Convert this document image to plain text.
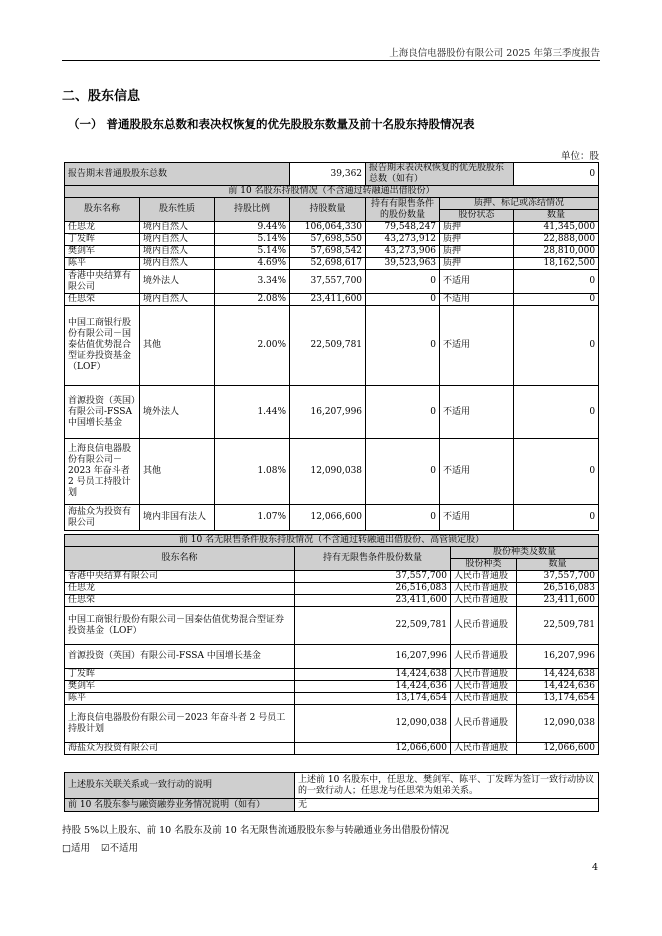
上海良信电器股份有限公司 2025 年第三季度报告
二、股东信息
（一） 普通股股东总数和表决权恢复的优先股股东数量及前十名股东持股情况表
单位：股
报告期末普通股股东总数			39,362	报告期末表决权恢复的优先股股东总数（如有）		0
前 10 名股东持股情况（不含通过转融通出借股份）						
股东名称	股东性质	持股比例	持股数量	持有有限售条件的股份数量	质押、标记或冻结情况	
					股份状态	数量
任思龙	境内自然人	9.44%	106,064,330	79,548,247	质押	41,345,000
丁发晖	境内自然人	5.14%	57,698,550	43,273,912	质押	22,888,000
樊剑军	境内自然人	5.14%	57,698,542	43,273,906	质押	28,810,000
陈平	境内自然人	4.69%	52,698,617	39,523,963	质押	18,162,500
香港中央结算有限公司	境外法人	3.34%	37,557,700	0	不适用	0
任思荣	境内自然人	2.08%	23,411,600	0	不适用	0
中国工商银行股份有限公司－国泰估值优势混合型证券投资基金（LOF）	其他	2.00%	22,509,781	0	不适用	0
首源投资（英国）有限公司-FSSA 中国增长基金	境外法人	1.44%	16,207,996	0	不适用	0
上海良信电器股份有限公司－2023 年奋斗者 2 号员工持股计划	其他	1.08%	12,090,038	0	不适用	0
海盐众为投资有限公司	境内非国有法人	1.07%	12,066,600	0	不适用	0
前 10 名无限售条件股东持股情况（不含通过转融通出借股份、高管锁定股）			
股东名称	持有无限售条件股份数量	股份种类及数量	
		股份种类	数量
香港中央结算有限公司	37,557,700	人民币普通股	37,557,700
任思龙	26,516,083	人民币普通股	26,516,083
任思荣	23,411,600	人民币普通股	23,411,600
中国工商银行股份有限公司－国泰估值优势混合型证券投资基金（LOF）	22,509,781	人民币普通股	22,509,781
首源投资（英国）有限公司-FSSA 中国增长基金	16,207,996	人民币普通股	16,207,996
丁发晖	14,424,638	人民币普通股	14,424,638
樊剑军	14,424,636	人民币普通股	14,424,636
陈平	13,174,654	人民币普通股	13,174,654
上海良信电器股份有限公司－2023 年奋斗者 2 号员工持股计划	12,090,038	人民币普通股	12,090,038
海盐众为投资有限公司	12,066,600	人民币普通股	12,066,600
上述股东关联关系或一致行动的说明	上述前 10 名股东中，任思龙、樊剑军、陈平、丁发晖为签订一致行动协议的一致行动人；任思龙与任思荣为姐弟关系。
前 10 名股东参与融资融券业务情况说明（如有）	无
持股 5%以上股东、前 10 名股东及前 10 名无限售流通股股东参与转融通业务出借股份情况
□适用 ☑不适用
4
